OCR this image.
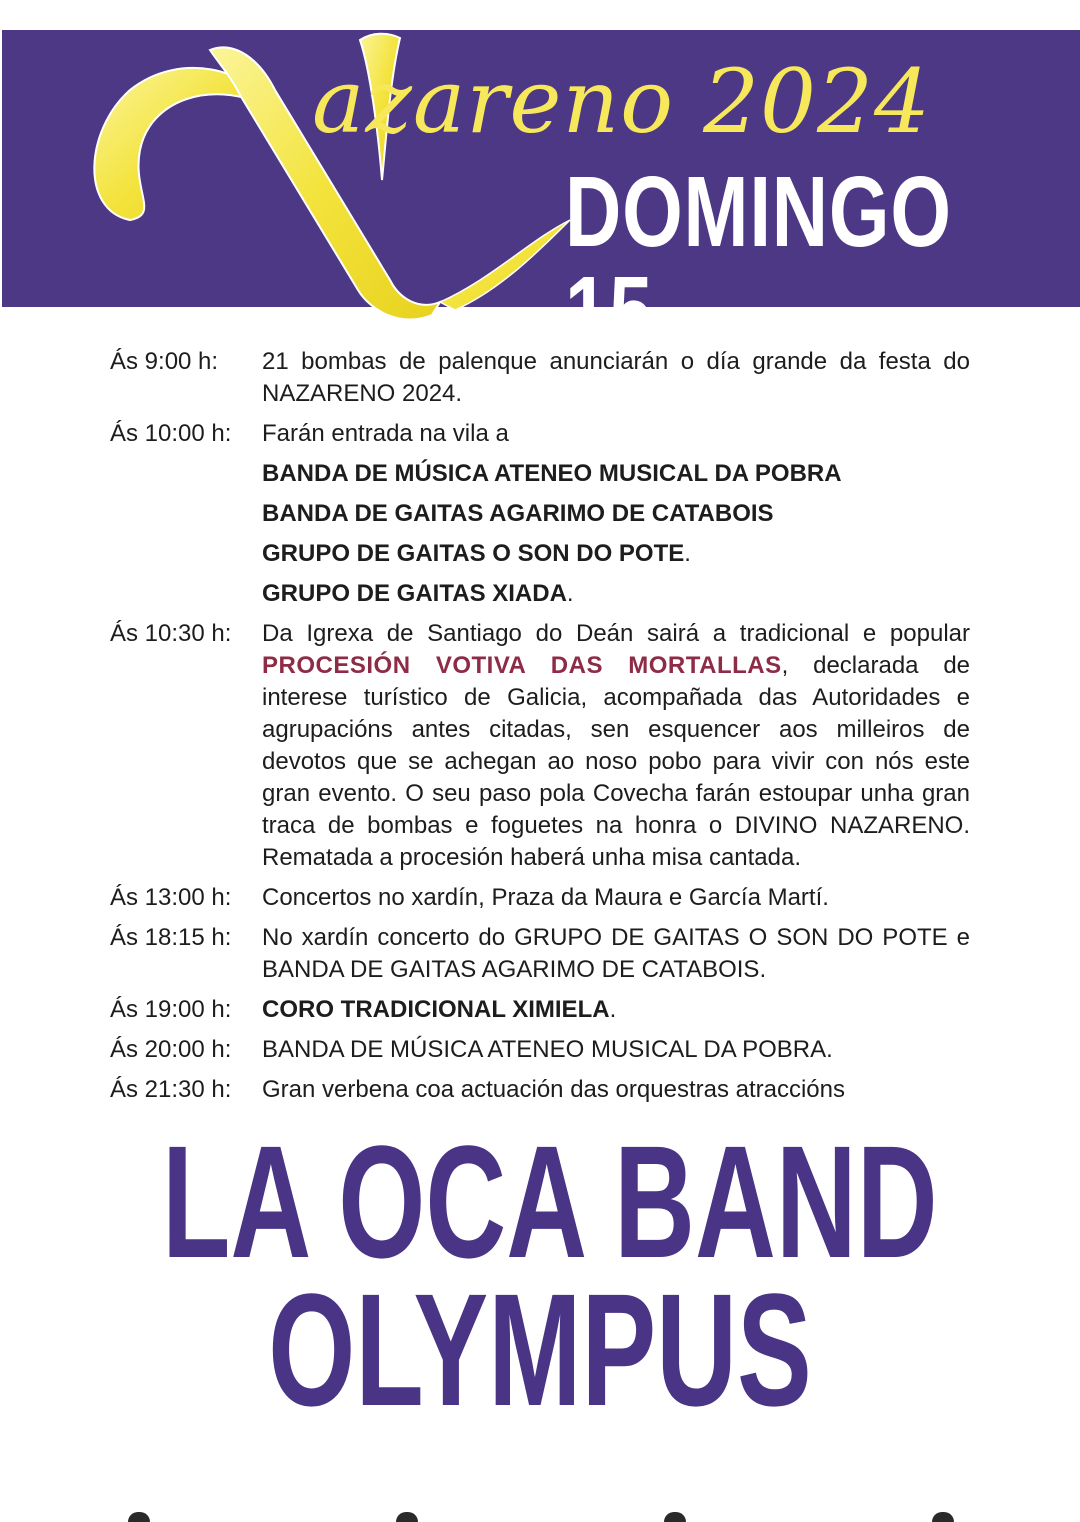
N
azareno 2024
DOMINGO 15
Ás 9:00 h:	21 bombas de palenque anunciarán o día grande da festa do NAZARENO 2024.

Ás 10:00 h:	Farán entrada na vila a
BANDA DE MÚSICA ATENEO MUSICAL DA POBRA
BANDA DE GAITAS AGARIMO DE CATABOIS
GRUPO DE GAITAS O SON DO POTE.
GRUPO DE GAITAS XIADA.
Ás 10:30 h:	Da Igrexa de Santiago do Deán sairá a tradicional e popular PROCESIÓN VOTIVA DAS MORTALLAS, declarada de interese turístico de Galicia, acompañada das Autoridades e agrupacións antes citadas, sen esquencer aos milleiros de devotos que se achegan ao noso pobo para vivir con nós este gran evento. O seu paso pola Covecha farán estoupar unha gran traca de bombas e foguetes na honra o DIVINO NAZARENO. Rematada a procesión haberá unha misa cantada.

Ás 13:00 h:	Concertos no xardín, Praza da Maura e García Martí.

Ás 18:15 h:	No xardín concerto do GRUPO DE GAITAS O SON DO POTE e BANDA DE GAITAS AGARIMO DE CATABOIS.

Ás 19:00 h:	CORO TRADICIONAL XIMIELA.

Ás 20:00 h:	BANDA DE MÚSICA ATENEO MUSICAL DA POBRA.

Ás 21:30 h:	Gran verbena coa actuación das orquestras atraccións

LA OCA BAND
OLYMPUS
